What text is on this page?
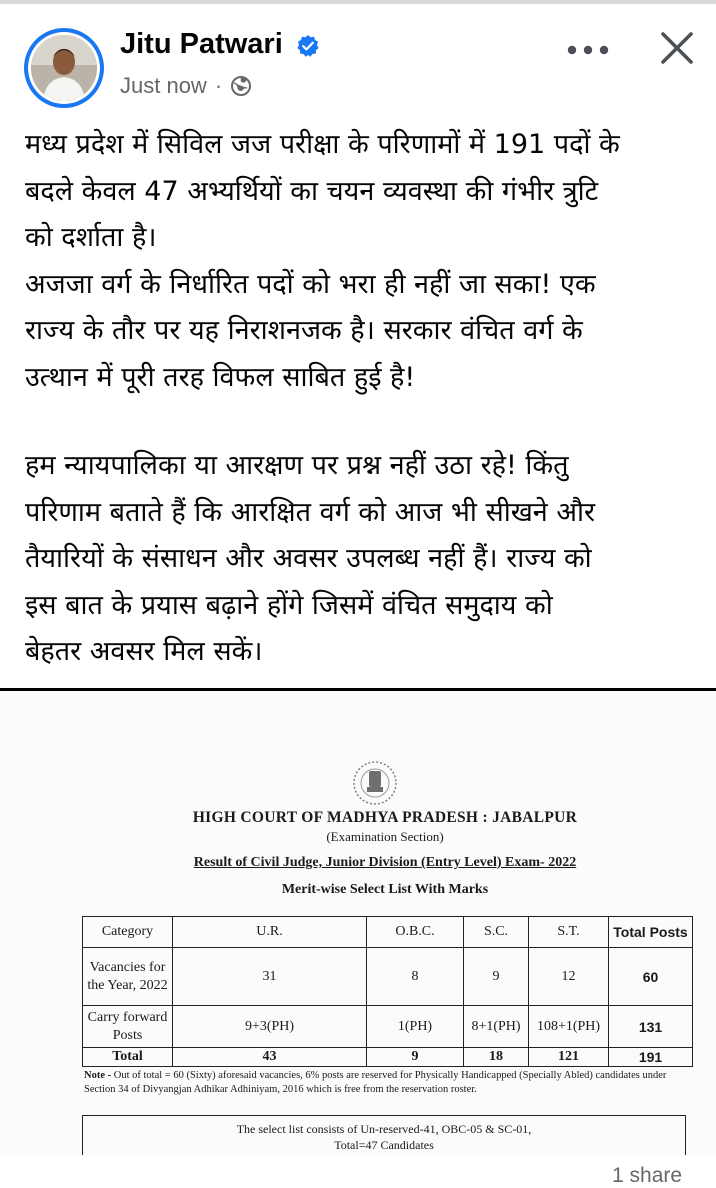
Jitu Patwari
Just now ·

मध्य प्रदेश में सिविल जज परीक्षा के परिणामों में 191 पदों के
बदले केवल 47 अभ्यर्थियों का चयन व्यवस्था की गंभीर त्रुटि
को दर्शाता है।
अजजा वर्ग के निर्धारित पदों को भरा ही नहीं जा सका! एक
राज्य के तौर पर यह निराशनजक है। सरकार वंचित वर्ग के
उत्थान में पूरी तरह विफल साबित हुई है!

हम न्यायपालिका या आरक्षण पर प्रश्न नहीं उठा रहे! किंतु
परिणाम बताते हैं कि आरक्षित वर्ग को आज भी सीखने और
तैयारियों के संसाधन और अवसर उपलब्ध नहीं हैं। राज्य को
इस बात के प्रयास बढ़ाने होंगे जिसमें वंचित समुदाय को
बेहतर अवसर मिल सकें।

HIGH COURT OF MADHYA PRADESH : JABALPUR
(Examination Section)
Result of Civil Judge, Junior Division (Entry Level) Exam- 2022
Merit-wise Select List With Marks
Category	U.R.	O.B.C.	S.C.	S.T.	Total Posts
Vacancies for the Year, 2022	31	8	9	12	60
Carry forward Posts	9+3(PH)	1(PH)	8+1(PH)	108+1(PH)	131
Total	43	9	18	121	191
Note - Out of total = 60 (Sixty) aforesaid vacancies, 6% posts are reserved for Physically Handicapped (Specially Abled) candidates under Section 34 of Divyangjan Adhikar Adhiniyam, 2016 which is free from the reservation roster.
The select list consists of Un-reserved-41, OBC-05 & SC-01,
Total=47 Candidates
1 share
